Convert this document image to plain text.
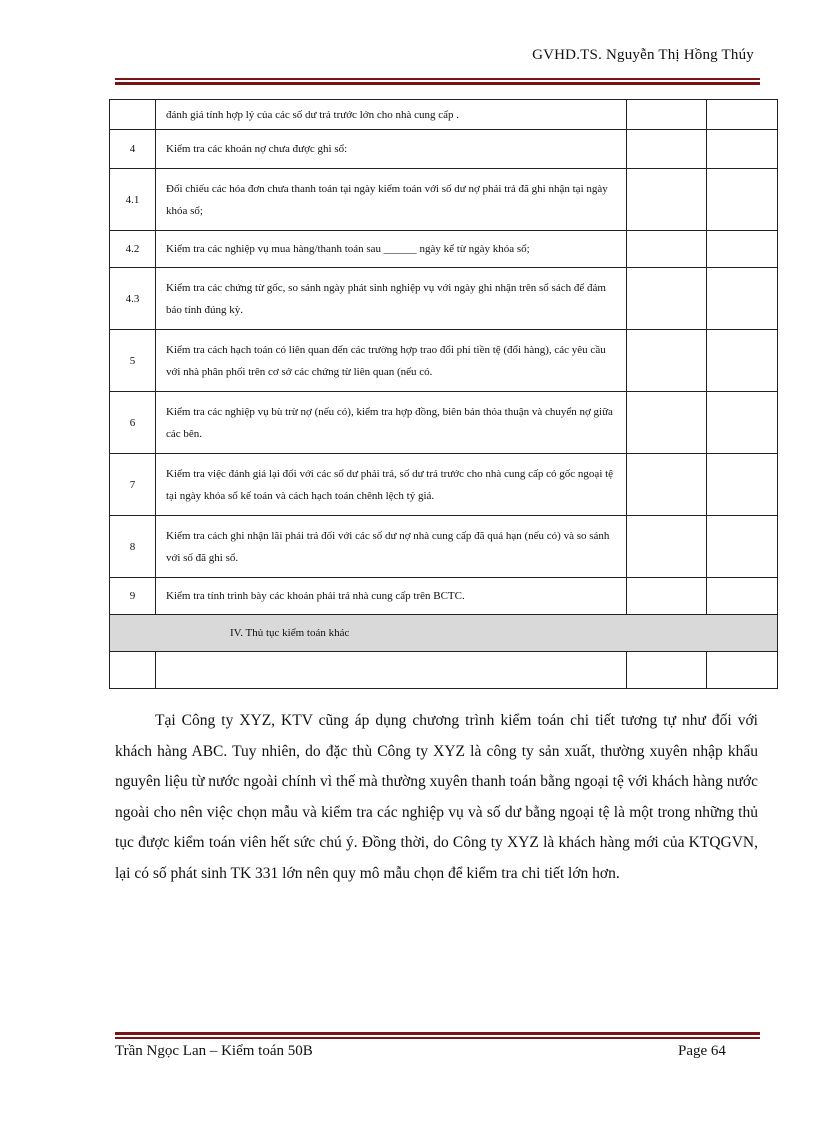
GVHD.TS. Nguyễn Thị Hồng Thúy
	đánh giá tính hợp lý của các số dư trả trước lớn cho nhà cung cấp .		
4	Kiểm tra các khoản nợ chưa được ghi sổ:		
4.1	Đối chiếu các hóa đơn chưa thanh toán tại ngày kiểm toán với số dư nợ phải trả đã ghi nhận tại ngày khóa sổ;		
4.2	Kiểm tra các nghiệp vụ mua hàng/thanh toán sau ______ ngày kể từ ngày khóa sổ;		
4.3	Kiểm tra các chứng từ gốc, so sánh ngày phát sinh nghiệp vụ với ngày ghi nhận trên sổ sách để đảm bảo tính đúng kỳ.		
5	Kiểm tra cách hạch toán có liên quan đến các trường hợp trao đổi phi tiền tệ (đổi hàng), các yêu cầu với nhà phân phối trên cơ sở các chứng từ liên quan (nếu có.		
6	Kiểm tra các nghiệp vụ bù trừ nợ (nếu có), kiểm tra hợp đồng, biên bản thỏa thuận và chuyển nợ giữa các bên.		
7	Kiểm tra việc đánh giá lại đối với các số dư phải trả, số dư trả trước cho nhà cung cấp có gốc ngoại tệ tại ngày khóa sổ kế toán và cách hạch toán chênh lệch tỷ giá.		
8	Kiểm tra cách ghi nhận lãi phải trả đối với các số dư nợ nhà cung cấp đã quá hạn (nếu có) và so sánh với số đã ghi sổ.		
9	Kiểm tra tính trình bày các khoản phải trả nhà cung cấp trên BCTC.		
IV. Thủ tục kiểm toán khác			

Tại Công ty XYZ, KTV cũng áp dụng chương trình kiểm toán chi tiết tương tự như đối với khách hàng ABC. Tuy nhiên, do đặc thù Công ty XYZ là công ty sản xuất, thường xuyên nhập khẩu nguyên liệu từ nước ngoài chính vì thế mà thường xuyên thanh toán bằng ngoại tệ với khách hàng nước ngoài cho nên việc chọn mẫu và kiểm tra các nghiệp vụ và số dư bằng ngoại tệ là một trong những thủ tục được kiểm toán viên hết sức chú ý. Đồng thời, do Công ty XYZ là khách hàng mới của KTQGVN, lại có số phát sinh TK 331 lớn nên quy mô mẫu chọn để kiểm tra chi tiết lớn hơn.
Trần Ngọc Lan – Kiểm toán 50B	Page 64
